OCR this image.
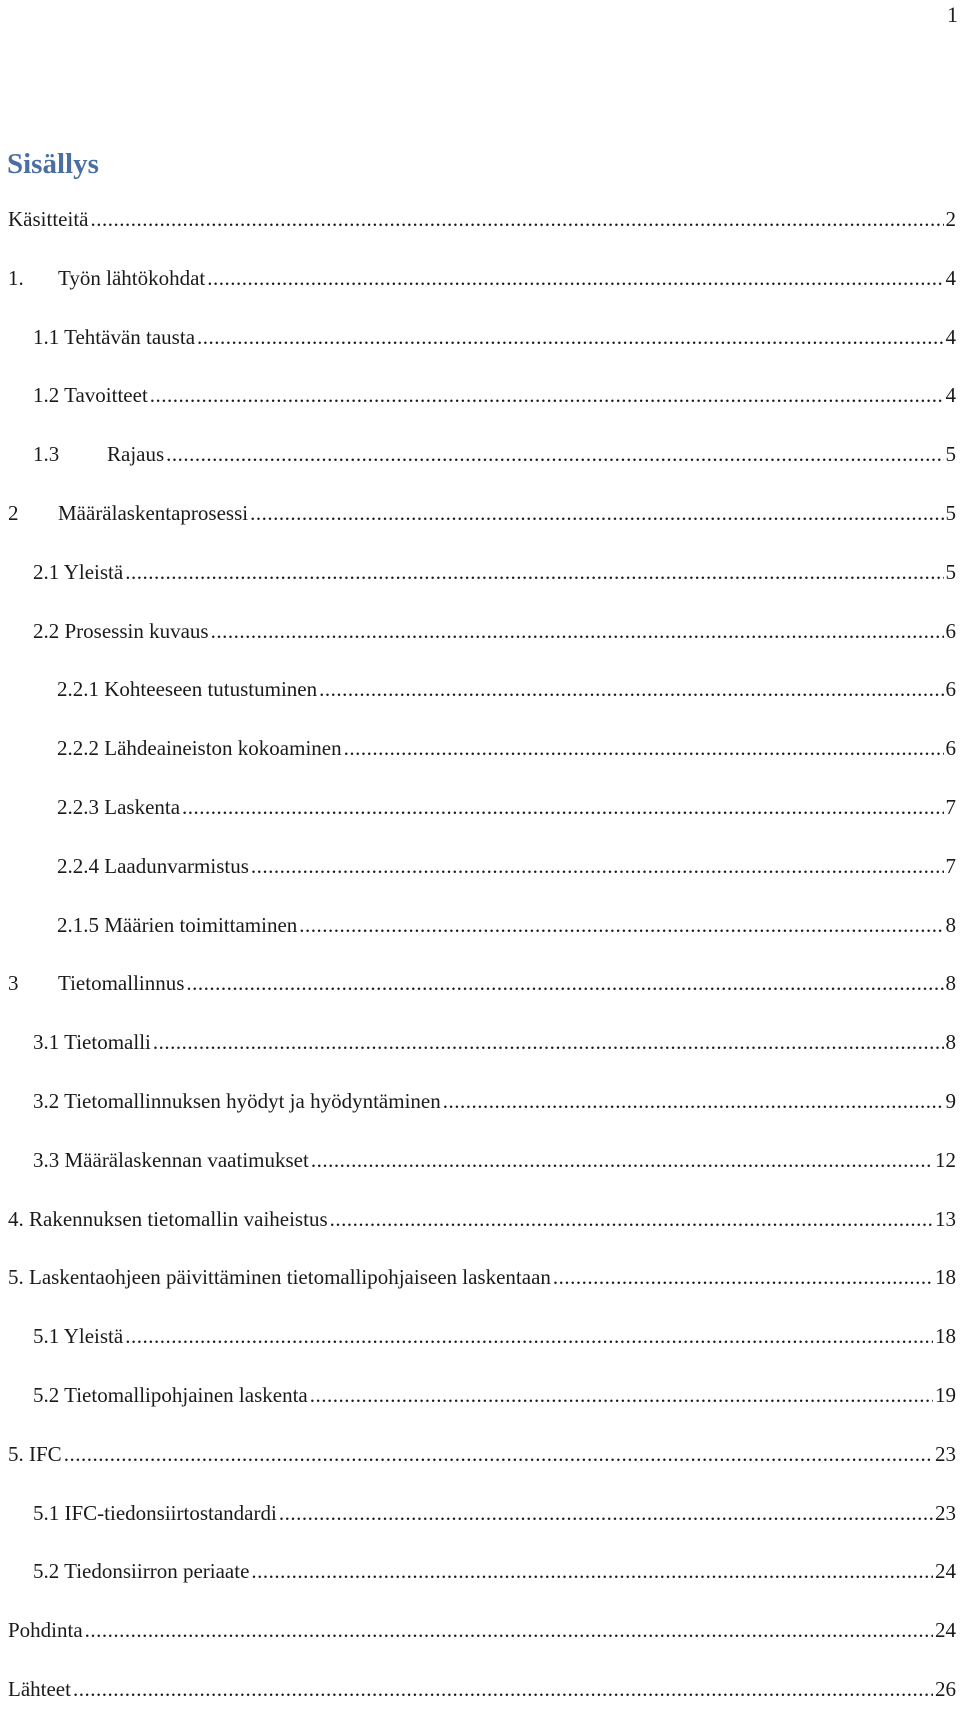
1
Sisällys
Käsitteitä .....	2
1.	Työn lähtökohdat .....	4
1.1 Tehtävän tausta .....	4
1.2 Tavoitteet .....	4
1.3	Rajaus .....	5
2	Määrälaskentaprosessi .....	5
2.1 Yleistä .....	5
2.2 Prosessin kuvaus .....	6
2.2.1 Kohteeseen tutustuminen .....	6
2.2.2 Lähdeaineiston kokoaminen .....	6
2.2.3 Laskenta .....	7
2.2.4 Laadunvarmistus .....	7
2.1.5 Määrien toimittaminen .....	8
3	Tietomallinnus .....	8
3.1 Tietomalli .....	8
3.2 Tietomallinnuksen hyödyt ja hyödyntäminen .....	9
3.3 Määrälaskennan vaatimukset .....	12
4. Rakennuksen tietomallin vaiheistus .....	13
5. Laskentaohjeen päivittäminen tietomallipohjaiseen laskentaan .....	18
5.1 Yleistä .....	18
5.2 Tietomallipohjainen laskenta .....	19
5. IFC .....	23
5.1 IFC-tiedonsiirtostandardi .....	23
5.2 Tiedonsiirron periaate .....	24
Pohdinta .....	24
Lähteet .....	26
